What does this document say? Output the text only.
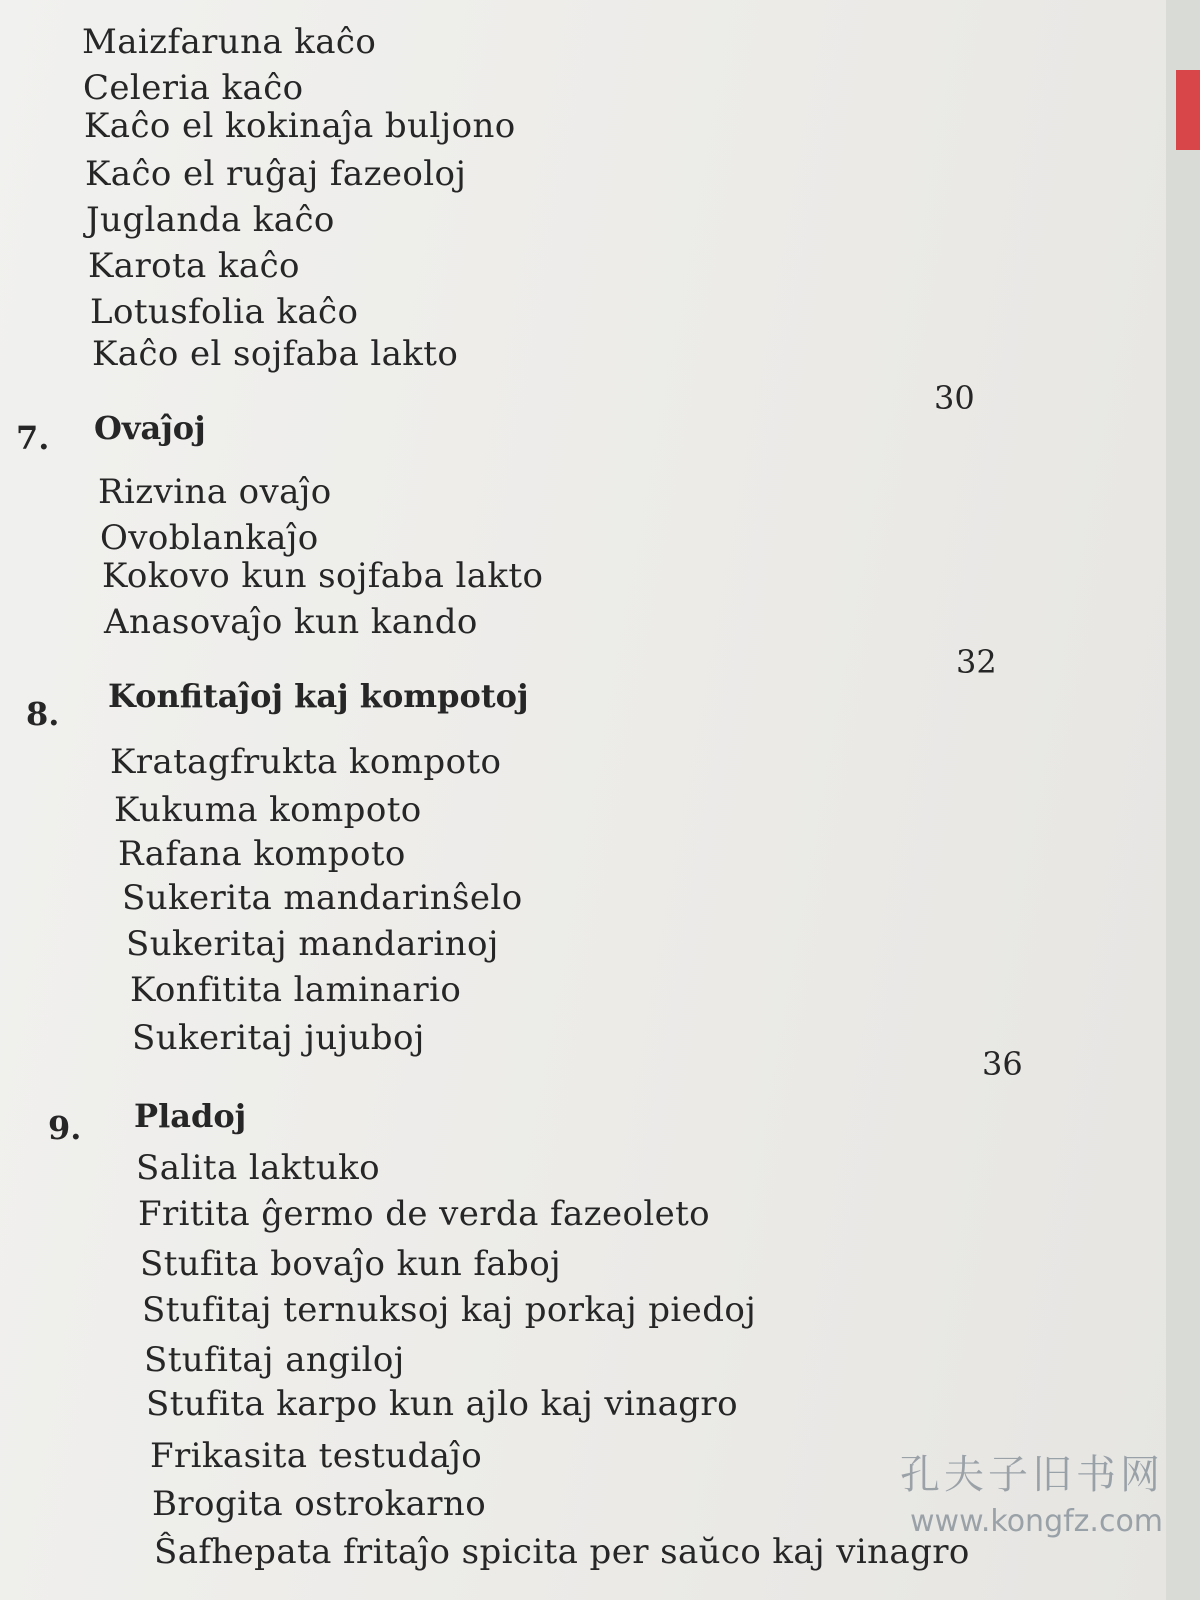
Maizfaruna kaĉo
Celeria kaĉo
Kaĉo el kokinaĵa buljono
Kaĉo el ruĝaj fazeoloj
Juglanda kaĉo
Karota kaĉo
Lotusfolia kaĉo
Kaĉo el sojfaba lakto
30
7. Ovaĵoj
Rizvina ovaĵo
Ovoblankaĵo
Kokovo kun sojfaba lakto
Anasovaĵo kun kando
32
8. Konfitaĵoj kaj kompotoj
Kratagfrukta kompoto
Kukuma kompoto
Rafana kompoto
Sukerita mandarinŝelo
Sukeritaj mandarinoj
Konfitita laminario
Sukeritaj jujuboj
36
9. Pladoj
Salita laktuko
Fritita ĝermo de verda fazeoleto
Stufita bovaĵo kun faboj
Stufitaj ternuksoj kaj porkaj piedoj
Stufitaj angiloj
Stufita karpo kun ajlo kaj vinagro
Frikasita testudaĵo
Brogita ostrokarno
Ŝafhepata fritaĵo spicita per saŭco kaj vinagro
孔夫子旧书网
www.kongfz.com
